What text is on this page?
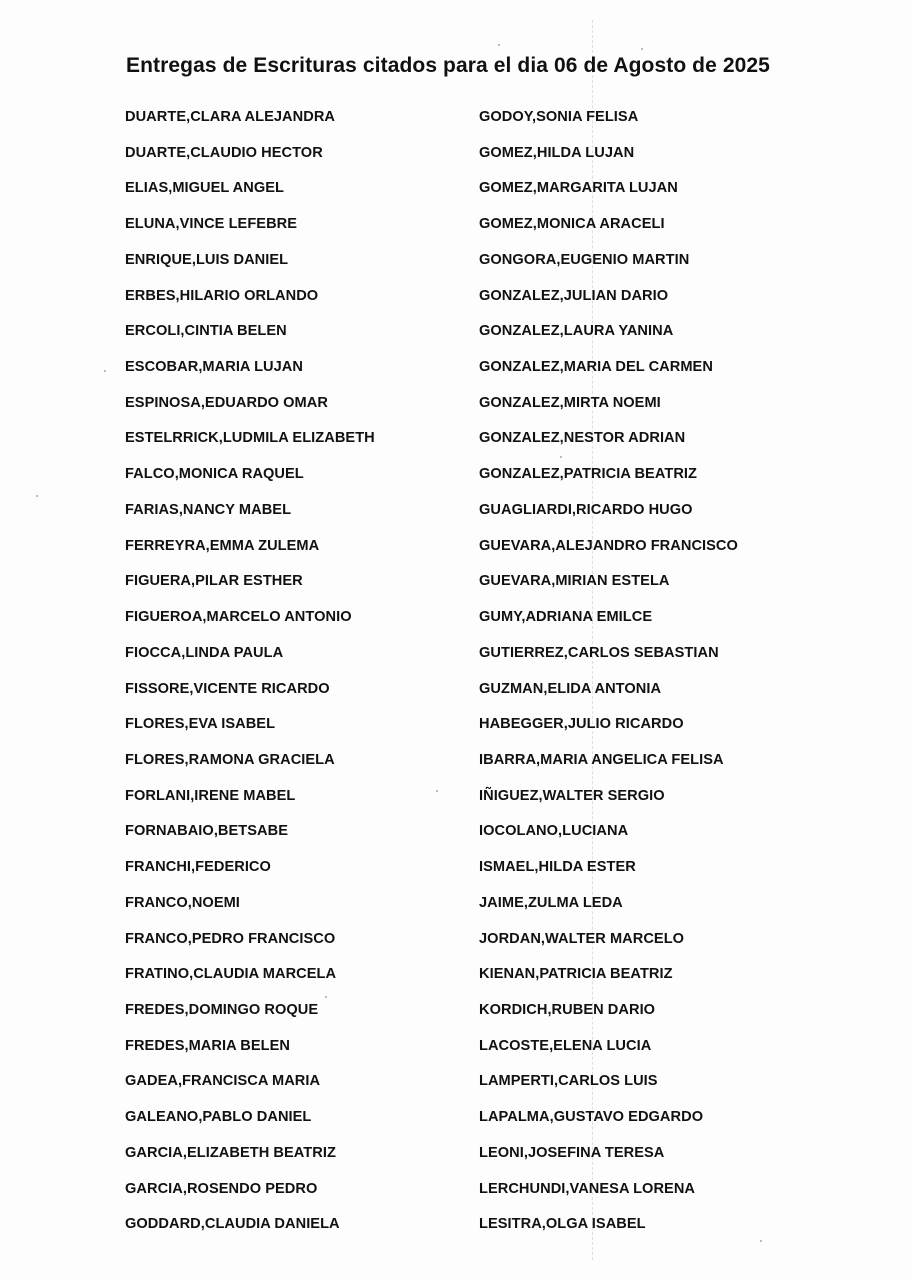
Entregas de Escrituras citados para el dia 06 de Agosto de 2025
DUARTE,CLARA ALEJANDRA
DUARTE,CLAUDIO HECTOR
ELIAS,MIGUEL ANGEL
ELUNA,VINCE LEFEBRE
ENRIQUE,LUIS DANIEL
ERBES,HILARIO ORLANDO
ERCOLI,CINTIA BELEN
ESCOBAR,MARIA LUJAN
ESPINOSA,EDUARDO OMAR
ESTELRRICK,LUDMILA ELIZABETH
FALCO,MONICA RAQUEL
FARIAS,NANCY MABEL
FERREYRA,EMMA ZULEMA
FIGUERA,PILAR ESTHER
FIGUEROA,MARCELO ANTONIO
FIOCCA,LINDA PAULA
FISSORE,VICENTE RICARDO
FLORES,EVA ISABEL
FLORES,RAMONA GRACIELA
FORLANI,IRENE MABEL
FORNABAIO,BETSABE
FRANCHI,FEDERICO
FRANCO,NOEMI
FRANCO,PEDRO FRANCISCO
FRATINO,CLAUDIA MARCELA
FREDES,DOMINGO ROQUE
FREDES,MARIA BELEN
GADEA,FRANCISCA MARIA
GALEANO,PABLO DANIEL
GARCIA,ELIZABETH BEATRIZ
GARCIA,ROSENDO PEDRO
GODDARD,CLAUDIA DANIELA
GODOY,SONIA FELISA
GOMEZ,HILDA LUJAN
GOMEZ,MARGARITA LUJAN
GOMEZ,MONICA ARACELI
GONGORA,EUGENIO MARTIN
GONZALEZ,JULIAN DARIO
GONZALEZ,LAURA YANINA
GONZALEZ,MARIA DEL CARMEN
GONZALEZ,MIRTA NOEMI
GONZALEZ,NESTOR ADRIAN
GONZALEZ,PATRICIA BEATRIZ
GUAGLIARDI,RICARDO HUGO
GUEVARA,ALEJANDRO FRANCISCO
GUEVARA,MIRIAN ESTELA
GUMY,ADRIANA EMILCE
GUTIERREZ,CARLOS SEBASTIAN
GUZMAN,ELIDA ANTONIA
HABEGGER,JULIO RICARDO
IBARRA,MARIA ANGELICA FELISA
IÑIGUEZ,WALTER SERGIO
IOCOLANO,LUCIANA
ISMAEL,HILDA ESTER
JAIME,ZULMA LEDA
JORDAN,WALTER MARCELO
KIENAN,PATRICIA BEATRIZ
KORDICH,RUBEN DARIO
LACOSTE,ELENA LUCIA
LAMPERTI,CARLOS LUIS
LAPALMA,GUSTAVO EDGARDO
LEONI,JOSEFINA TERESA
LERCHUNDI,VANESA LORENA
LESITRA,OLGA ISABEL
